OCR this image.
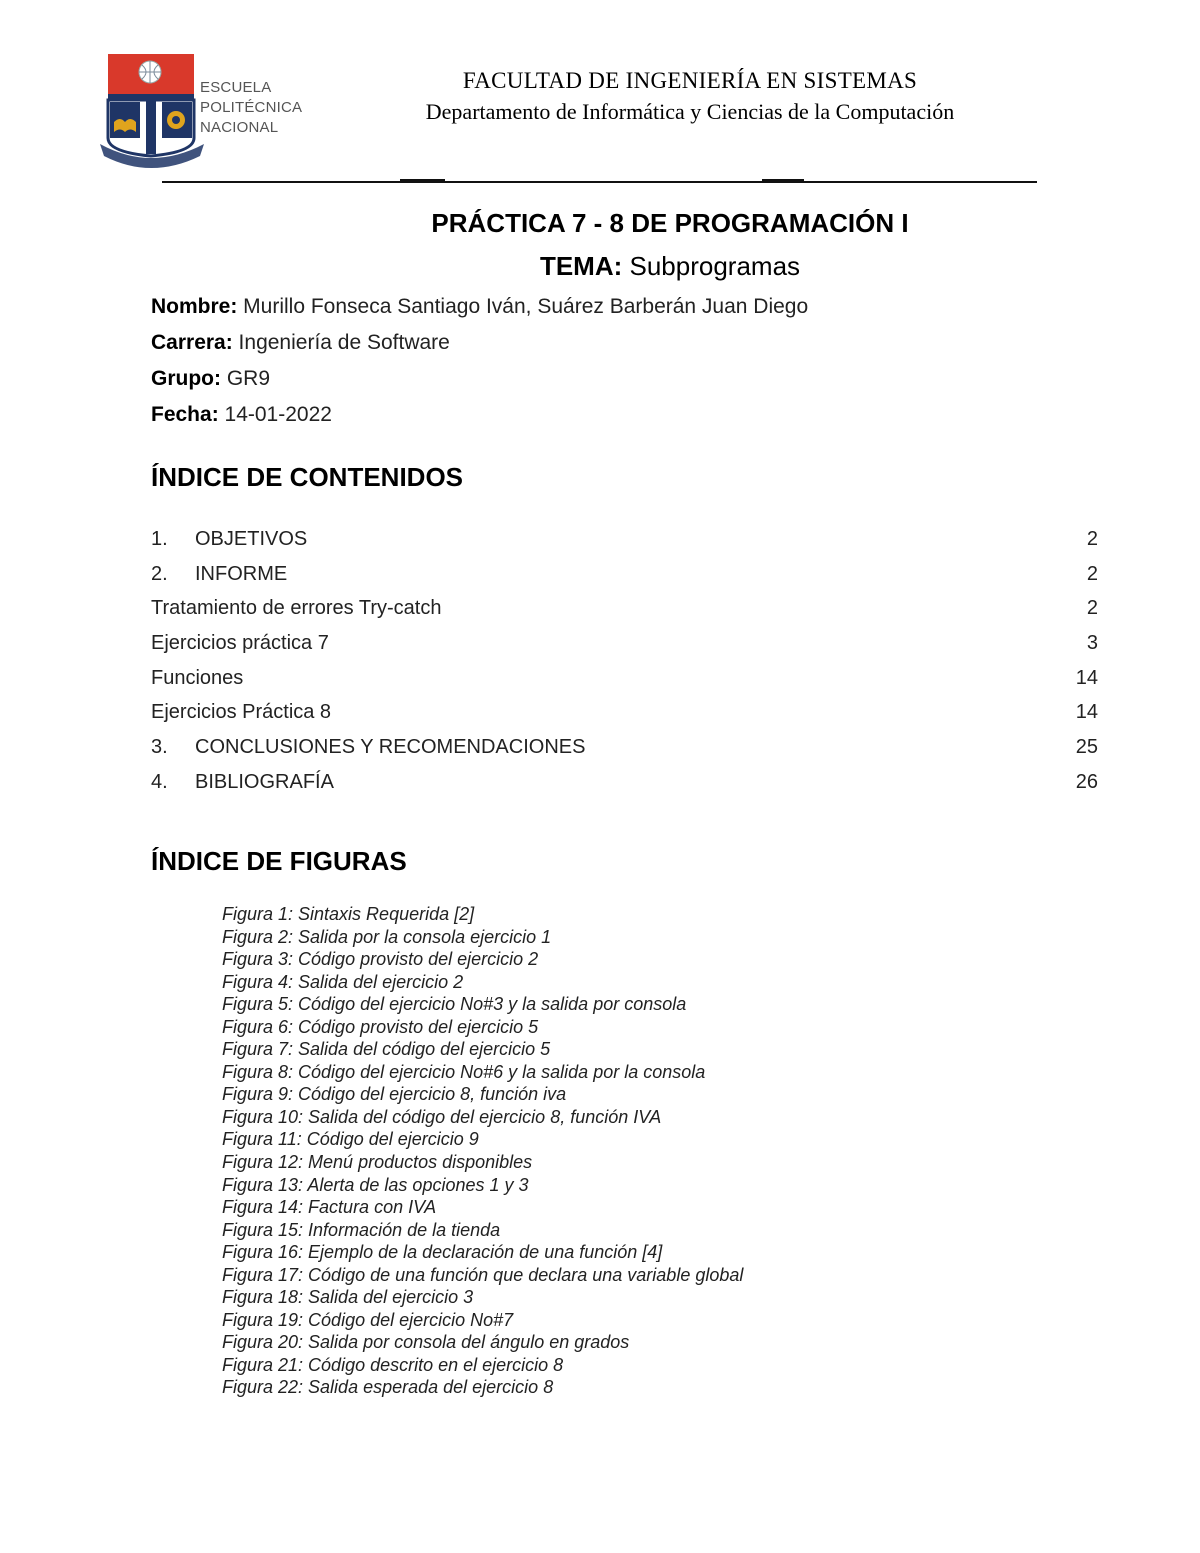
ESCUELA
POLITÉCNICA
NACIONAL
FACULTAD DE INGENIERÍA EN SISTEMAS
Departamento de Informática y Ciencias de la Computación
PRÁCTICA 7 - 8 DE PROGRAMACIÓN I
TEMA: Subprogramas
Nombre: Murillo Fonseca Santiago Iván, Suárez Barberán Juan Diego
Carrera: Ingeniería de Software
Grupo: GR9
Fecha: 14-01-2022
ÍNDICE DE CONTENIDOS
1. OBJETIVOS	2
2. INFORME	2
Tratamiento de errores Try-catch	2
Ejercicios práctica 7	3
Funciones	14
Ejercicios Práctica 8	14
3. CONCLUSIONES Y RECOMENDACIONES	25
4. BIBLIOGRAFÍA	26
ÍNDICE DE FIGURAS
Figura 1: Sintaxis Requerida [2]
Figura 2: Salida por la consola ejercicio 1
Figura 3: Código provisto del ejercicio 2
Figura 4: Salida del ejercicio 2
Figura 5: Código del ejercicio No#3 y la salida por consola
Figura 6: Código provisto del ejercicio 5
Figura 7: Salida del código del ejercicio 5
Figura 8: Código del ejercicio No#6 y la salida por la consola
Figura 9: Código del ejercicio 8, función iva
Figura 10: Salida del código del ejercicio 8, función IVA
Figura 11: Código del ejercicio 9
Figura 12: Menú productos disponibles
Figura 13: Alerta de las opciones 1 y 3
Figura 14: Factura con IVA
Figura 15: Información de la tienda
Figura 16: Ejemplo de la declaración de una función [4]
Figura 17: Código de una función que declara una variable global
Figura 18: Salida del ejercicio 3
Figura 19: Código del ejercicio No#7
Figura 20: Salida por consola del ángulo en grados
Figura 21: Código descrito en el ejercicio 8
Figura 22: Salida esperada del ejercicio 8
